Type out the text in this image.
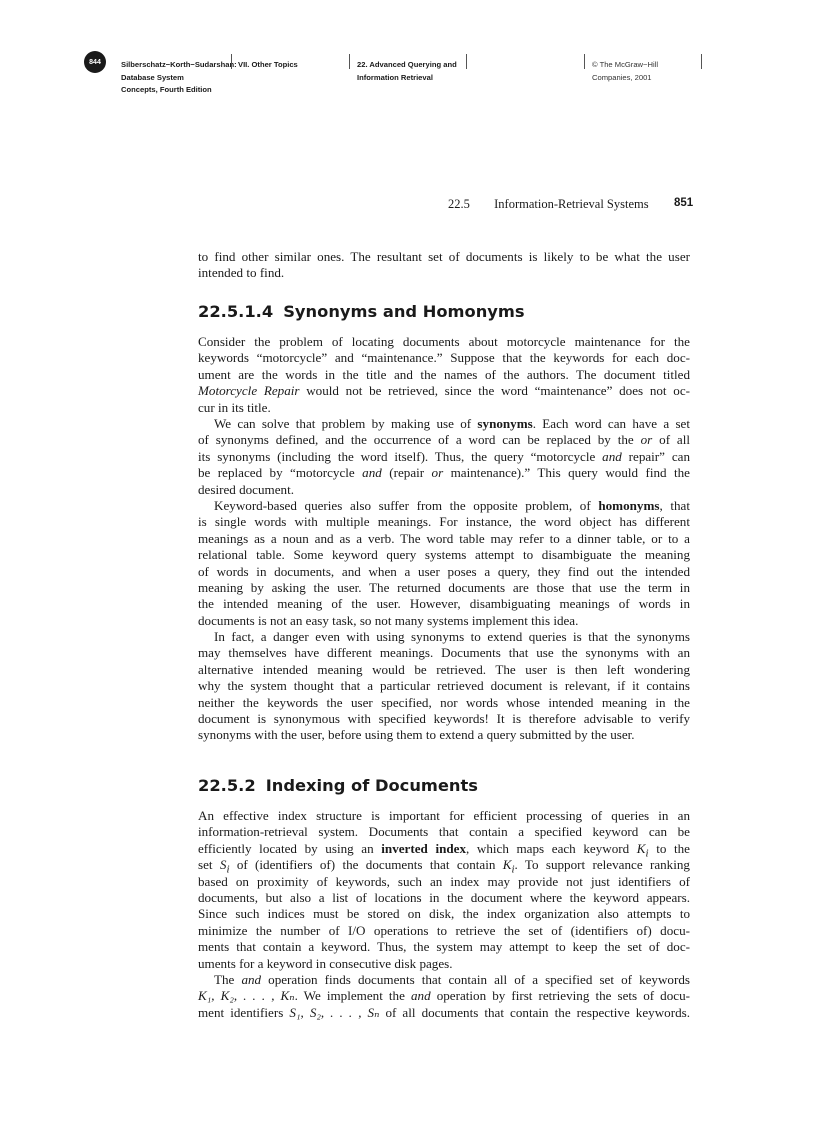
844	Silberschatz−Korth−Sudarshan:
Database System
Concepts, Fourth Edition
VII. Other Topics	22. Advanced Querying and
Information Retrieval
© The McGraw−Hill
Companies, 2001
22.5 Information-Retrieval Systems	851
to find other similar ones. The resultant set of documents is likely to be what the user
intended to find.
22.5.1.4 Synonyms and Homonyms
Consider the problem of locating documents about motorcycle maintenance for the
keywords “motorcycle” and “maintenance.” Suppose that the keywords for each doc-
ument are the words in the title and the names of the authors. The document titled
Motorcycle Repair would not be retrieved, since the word “maintenance” does not oc-
cur in its title.
We can solve that problem by making use of synonyms. Each word can have a set
of synonyms defined, and the occurrence of a word can be replaced by the or of all
its synonyms (including the word itself). Thus, the query “motorcycle and repair” can
be replaced by “motorcycle and (repair or maintenance).” This query would find the
desired document.
Keyword-based queries also suffer from the opposite problem, of homonyms, that
is single words with multiple meanings. For instance, the word object has different
meanings as a noun and as a verb. The word table may refer to a dinner table, or to a
relational table. Some keyword query systems attempt to disambiguate the meaning
of words in documents, and when a user poses a query, they find out the intended
meaning by asking the user. The returned documents are those that use the term in
the intended meaning of the user. However, disambiguating meanings of words in
documents is not an easy task, so not many systems implement this idea.
In fact, a danger even with using synonyms to extend queries is that the synonyms
may themselves have different meanings. Documents that use the synonyms with an
alternative intended meaning would be retrieved. The user is then left wondering
why the system thought that a particular retrieved document is relevant, if it contains
neither the keywords the user specified, nor words whose intended meaning in the
document is synonymous with specified keywords! It is therefore advisable to verify
synonyms with the user, before using them to extend a query submitted by the user.
22.5.2 Indexing of Documents
An effective index structure is important for efficient processing of queries in an
information-retrieval system. Documents that contain a specified keyword can be
efficiently located by using an inverted index, which maps each keyword $K_i$ to the
set $S_i$ of (identifiers of) the documents that contain $K_i$. To support relevance ranking
based on proximity of keywords, such an index may provide not just identifiers of
documents, but also a list of locations in the document where the keyword appears.
Since such indices must be stored on disk, the index organization also attempts to
minimize the number of I/O operations to retrieve the set of (identifiers of) docu-
ments that contain a keyword. Thus, the system may attempt to keep the set of doc-
uments for a keyword in consecutive disk pages.
The and operation finds documents that contain all of a specified set of keywords
K₁, K₂, . . . , Kₙ. We implement the and operation by first retrieving the sets of docu-
ment identifiers S₁, S₂, . . . , Sₙ of all documents that contain the respective keywords.
